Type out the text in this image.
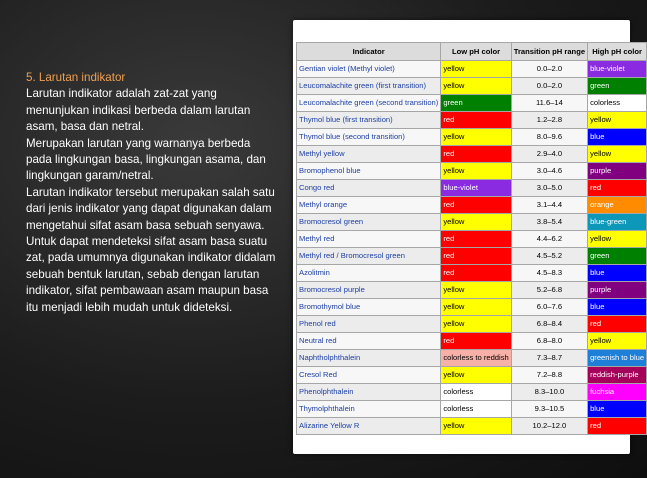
5. Larutan indikator
Larutan indikator adalah zat-zat yang menunjukan indikasi berbeda dalam larutan asam, basa dan netral.
Merupakan larutan yang warnanya berbeda pada lingkungan basa, lingkungan asama, dan lingkungan garam/netral.
Larutan indikator tersebut merupakan salah satu dari jenis indikator yang dapat digunakan dalam mengetahui sifat asam basa sebuah senyawa. Untuk dapat mendeteksi sifat asam basa suatu zat, pada umumnya digunakan indikator didalam sebuah bentuk larutan, sebab dengan larutan indikator, sifat pembawaan asam maupun basa itu menjadi lebih mudah untuk dideteksi.
Indicator	Low pH color	Transition pH range	High pH color
Gentian violet (Methyl violet)	yellow	0.0–2.0	blue-violet
Leucomalachite green (first transition)	yellow	0.0–2.0	green
Leucomalachite green (second transition)	green	11.6–14	colorless
Thymol blue (first transition)	red	1.2–2.8	yellow
Thymol blue (second transition)	yellow	8.0–9.6	blue
Methyl yellow	red	2.9–4.0	yellow
Bromophenol blue	yellow	3.0–4.6	purple
Congo red	blue-violet	3.0–5.0	red
Methyl orange	red	3.1–4.4	orange
Bromocresol green	yellow	3.8–5.4	blue-green
Methyl red	red	4.4–6.2	yellow
Methyl red / Bromocresol green	red	4.5–5.2	green
Azolitmin	red	4.5–8.3	blue
Bromocresol purple	yellow	5.2–6.8	purple
Bromothymol blue	yellow	6.0–7.6	blue
Phenol red	yellow	6.8–8.4	red
Neutral red	red	6.8–8.0	yellow
Naphtholphthalein	colorless to reddish	7.3–8.7	greenish to blue
Cresol Red	yellow	7.2–8.8	reddish-purple
Phenolphthalein	colorless	8.3–10.0	fuchsia
Thymolphthalein	colorless	9.3–10.5	blue
Alizarine Yellow R	yellow	10.2–12.0	red
